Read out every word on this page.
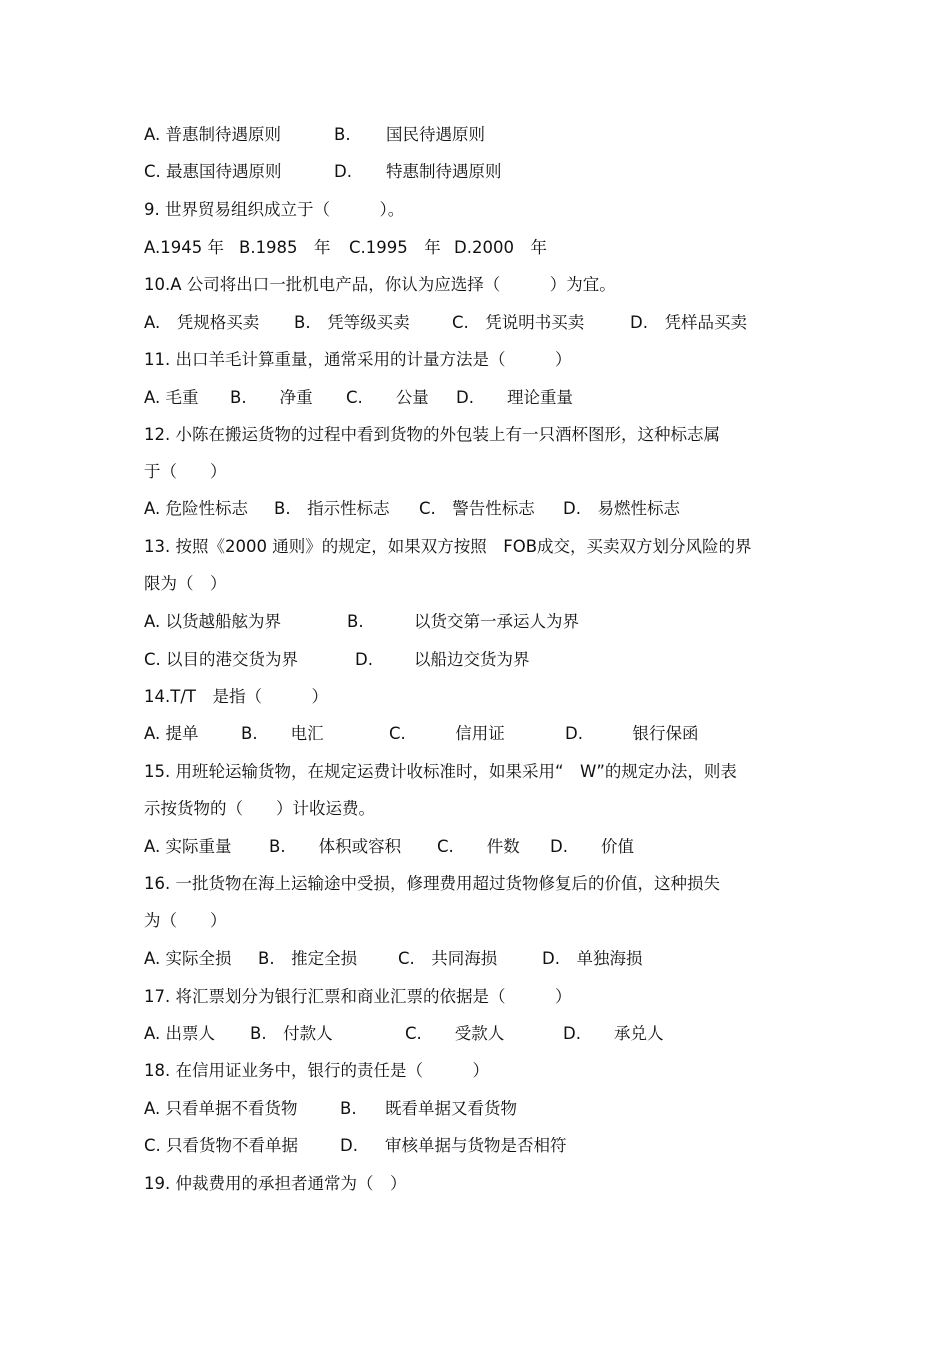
A. 普惠制待遇原则	B. 国民待遇原则
C. 最惠国待遇原则	D. 特惠制待遇原则
9. 世界贸易组织成立于（　　　）。
A.1945 年 B.1985　年 C.1995　年 D.2000　年
10.A 公司将出口一批机电产品，你认为应选择（　　　）为宜。
A.　凭规格买卖 B.　凭等级买卖	C.　凭说明书买卖	D.　凭样品买卖
11. 出口羊毛计算重量，通常采用的计量方法是（　　　）
A. 毛重 B.　　净重 C.　　公量 D.　　理论重量
12. 小陈在搬运货物的过程中看到货物的外包装上有一只酒杯图形，这种标志属
于（　　）
A. 危险性标志 B.　指示性标志 C.　警告性标志 D.　易燃性标志
13. 按照《2000 通则》的规定，如果双方按照　FOB成交，买卖双方划分风险的界
限为（　）
A. 以货越船舷为界	B.	以货交第一承运人为界
C. 以目的港交货为界	D. 以船边交货为界
14.T/T　是指（　　　）
A. 提单	B.　　电汇	C.　　　信用证	D.　　　银行保函
15. 用班轮运输货物，在规定运费计收标准时，如果采用“　W”的规定办法，则表
示按货物的（　　）计收运费。
A. 实际重量 B.　　体积或容积 C.　　件数 D.　　价值
16. 一批货物在海上运输途中受损，修理费用超过货物修复后的价值，这种损失
为（　　）
A. 实际全损 B.　推定全损 C.　共同海损	D.　单独海损
17. 将汇票划分为银行汇票和商业汇票的依据是（　　　）
A. 出票人 B.　付款人	C.　　受款人	D.　　承兑人
18. 在信用证业务中，银行的责任是（　　　）
A. 只看单据不看货物	B. 既看单据又看货物
C. 只看货物不看单据	D. 审核单据与货物是否相符
19. 仲裁费用的承担者通常为（　）
